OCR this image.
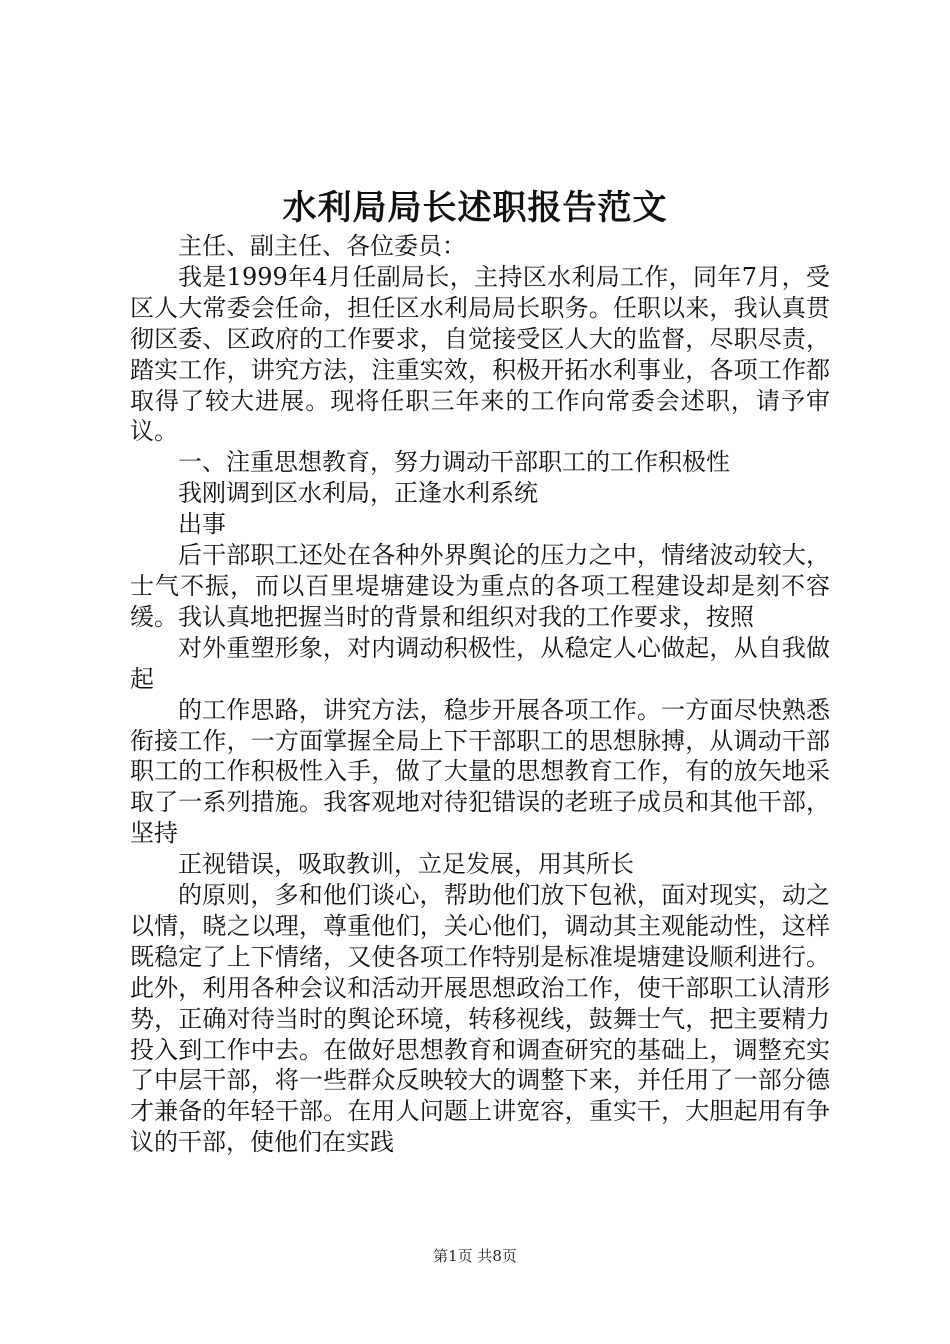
水利局局长述职报告范文

主任、副主任、各位委员：

我是1999年4月任副局长，主持区水利局工作，同年7月，受区人大常委会任命，担任区水利局局长职务。任职以来，我认真贯彻区委、区政府的工作要求，自觉接受区人大的监督，尽职尽责，踏实工作，讲究方法，注重实效，积极开拓水利事业，各项工作都取得了较大进展。现将任职三年来的工作向常委会述职，请予审议。

一、注重思想教育，努力调动干部职工的工作积极性

我刚调到区水利局，正逢水利系统

出事

后干部职工还处在各种外界舆论的压力之中，情绪波动较大，士气不振，而以百里堤塘建设为重点的各项工程建设却是刻不容缓。我认真地把握当时的背景和组织对我的工作要求，按照

对外重塑形象，对内调动积极性，从稳定人心做起，从自我做起

的工作思路，讲究方法，稳步开展各项工作。一方面尽快熟悉衔接工作，一方面掌握全局上下干部职工的思想脉搏，从调动干部职工的工作积极性入手，做了大量的思想教育工作，有的放矢地采取了一系列措施。我客观地对待犯错误的老班子成员和其他干部，坚持

正视错误，吸取教训，立足发展，用其所长

的原则，多和他们谈心，帮助他们放下包袱，面对现实，动之以情，晓之以理，尊重他们，关心他们，调动其主观能动性，这样既稳定了上下情绪，又使各项工作特别是标准堤塘建设顺利进行。此外，利用各种会议和活动开展思想政治工作，使干部职工认清形势，正确对待当时的舆论环境，转移视线，鼓舞士气，把主要精力投入到工作中去。在做好思想教育和调查研究的基础上，调整充实了中层干部，将一些群众反映较大的调整下来，并任用了一部分德才兼备的年轻干部。在用人问题上讲宽容，重实干，大胆起用有争议的干部，使他们在实践

第1页 共8页
